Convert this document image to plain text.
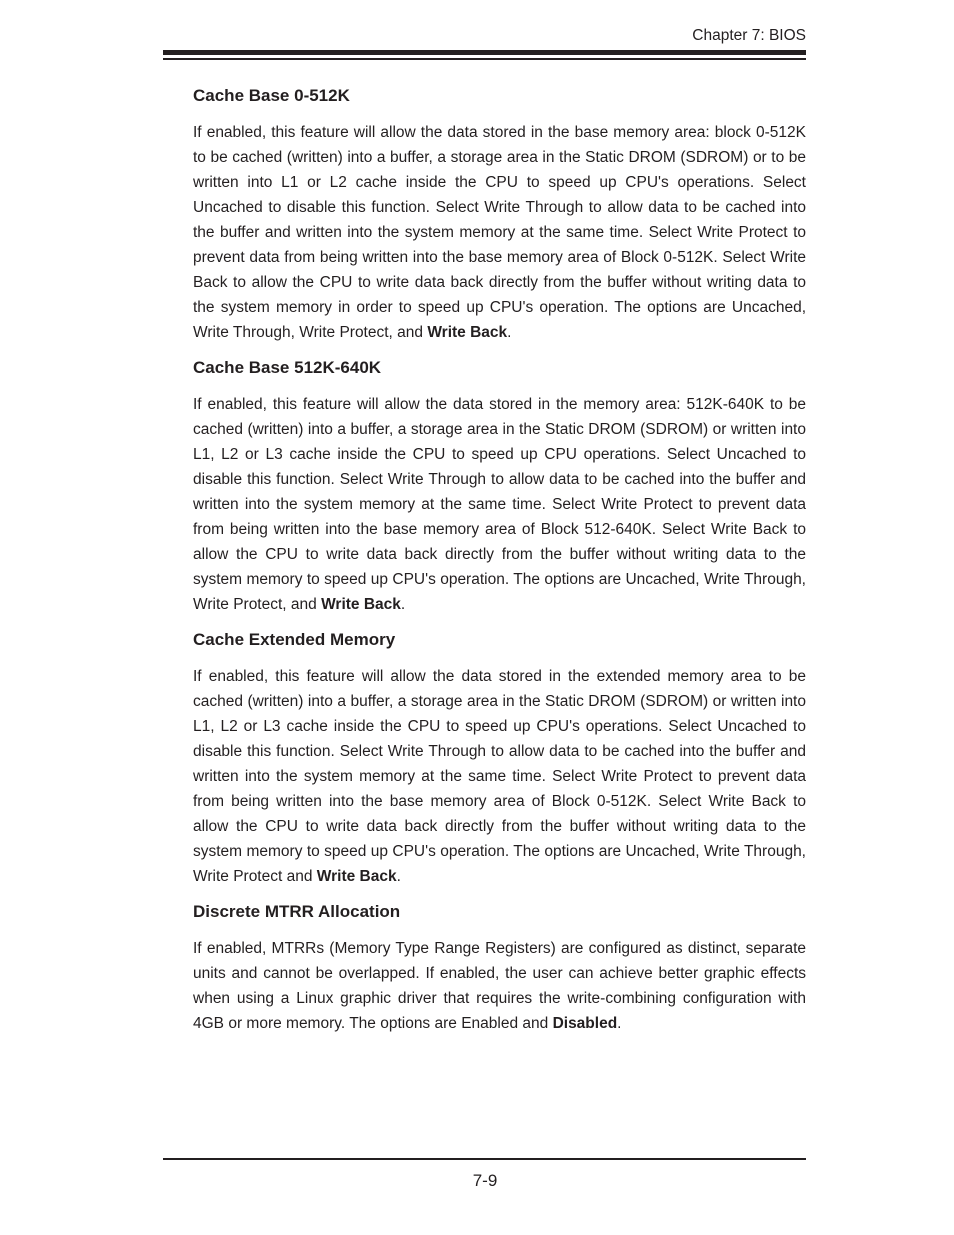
Chapter 7: BIOS
Cache Base 0-512K

If enabled, this feature will allow the data stored in the base memory area: block 0-512K to be cached (written) into a buffer, a storage area in the Static DROM (SDROM) or to be written into L1 or L2 cache inside the CPU to speed up CPU's operations. Select Uncached to disable this function. Select Write Through to allow data to be cached into the buffer and written into the system memory at the same time. Select Write Protect to prevent data from being written into the base memory area of Block 0-512K. Select Write Back to allow the CPU to write data back directly from the buffer without writing data to the system memory in order to speed up CPU's operation. The options are Uncached, Write Through, Write Protect, and Write Back.

Cache Base 512K-640K

If enabled, this feature will allow the data stored in the memory area: 512K-640K to be cached (written) into a buffer, a storage area in the Static DROM (SDROM) or written into L1, L2 or L3 cache inside the CPU to speed up CPU operations. Select Uncached to disable this function. Select Write Through to allow data to be cached into the buffer and written into the system memory at the same time. Select Write Protect to prevent data from being written into the base memory area of Block 512-640K. Select Write Back to allow the CPU to write data back directly from the buffer without writing data to the system memory to speed up CPU's operation. The options are Uncached, Write Through, Write Protect, and Write Back.

Cache Extended Memory

If enabled, this feature will allow the data stored in the extended memory area to be cached (written) into a buffer, a storage area in the Static DROM (SDROM) or written into L1, L2 or L3 cache inside the CPU to speed up CPU's operations. Select Uncached to disable this function. Select Write Through to allow data to be cached into the buffer and written into the system memory at the same time. Select Write Protect to prevent data from being written into the base memory area of Block 0-512K. Select Write Back to allow the CPU to write data back directly from the buffer without writing data to the system memory to speed up CPU's operation. The options are Uncached, Write Through, Write Protect and Write Back.

Discrete MTRR Allocation

If enabled, MTRRs (Memory Type Range Registers) are configured as distinct, separate units and cannot be overlapped. If enabled, the user can achieve better graphic effects when using a Linux graphic driver that requires the write-combining configuration with 4GB or more memory. The options are Enabled and Disabled.

7-9
